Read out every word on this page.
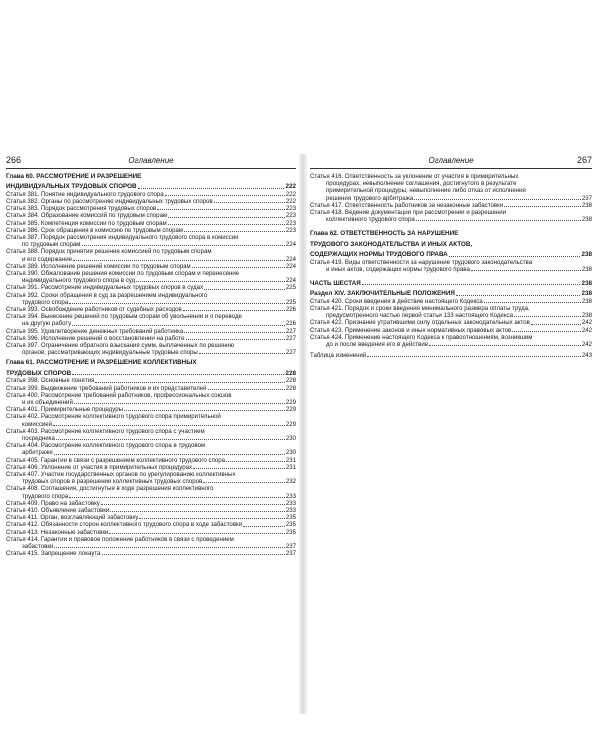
266	Оглавление
Глава 60. РАССМОТРЕНИЕ И РАЗРЕШЕНИЕ
ИНДИВИДУАЛЬНЫХ ТРУДОВЫХ СПОРОВ	222
Статья 381. Понятие индивидуального трудового спора	222
Статья 382. Органы по рассмотрению индивидуальных трудовых споров	222
Статья 383. Порядок рассмотрения трудовых споров	223
Статья 384. Образование комиссий по трудовым спорам	223
Статья 385. Компетенция комиссии по трудовым спорам	223
Статья 386. Срок обращения в комиссию по трудовым спорам	223
Статья 387. Порядок рассмотрения индивидуального трудового спора в комиссии
по трудовым спорам	224
Статья 388. Порядок принятия решения комиссией по трудовым спорам
и его содержание	224
Статья 389. Исполнение решений комиссии по трудовым спорам	224
Статья 390. Обжалование решения комиссии по трудовым спорам и перенесение
индивидуального трудового спора в суд	224
Статья 391. Рассмотрение индивидуальных трудовых споров в судах	225
Статья 392. Сроки обращения в суд за разрешением индивидуального
трудового спора	225
Статья 393. Освобождение работников от судебных расходов	226
Статья 394. Вынесение решений по трудовым спорам об увольнении и о переводе
на другую работу	226
Статья 395. Удовлетворение денежных требований работника	227
Статья 396. Исполнение решений о восстановлении на работе	227
Статья 397. Ограничение обратного взыскания сумм, выплаченных по решению
органов, рассматривающих индивидуальные трудовые споры	227
Глава 61. РАССМОТРЕНИЕ И РАЗРЕШЕНИЕ КОЛЛЕКТИВНЫХ
ТРУДОВЫХ СПОРОВ	228
Статья 398. Основные понятия	228
Статья 399. Выдвижение требований работников и их представителей	228
Статья 400. Рассмотрение требований работников, профессиональных союзов
и их объединений	229
Статья 401. Примирительные процедуры	229
Статья 402. Рассмотрение коллективного трудового спора примирительной
комиссией	229
Статья 403. Рассмотрение коллективного трудового спора с участием
посредника	230
Статья 404. Рассмотрение коллективного трудового спора в трудовом
арбитраже	230
Статья 405. Гарантии в связи с разрешением коллективного трудового спора	231
Статья 406. Уклонение от участия в примирительных процедурах	231
Статья 407. Участие государственных органов по урегулированию коллективных
трудовых споров в разрешении коллективных трудовых споров	232
Статья 408. Соглашения, достигнутые в ходе разрешения коллективного
трудового спора	233
Статья 409. Право на забастовку	233
Статья 410. Объявление забастовки	233
Статья 411. Орган, возглавляющий забастовку	235
Статья 412. Обязанности сторон коллективного трудового спора в ходе забастовки	235
Статья 413. Незаконные забастовки	235
Статья 414. Гарантии и правовое положение работников в связи с проведением
забастовки	237
Статья 415. Запрещение локаута	237
Оглавление	267
Статья 416. Ответственность за уклонение от участия в примирительных
процедурах, невыполнение соглашения, достигнутого в результате
примирительной процедуры, невыполнение либо отказ от исполнения
решения трудового арбитража	237
Статья 417. Ответственность работников за незаконные забастовки	238
Статья 418. Ведение документации при рассмотрении и разрешении
коллективного трудового спора	238
Глава 62. ОТВЕТСТВЕННОСТЬ ЗА НАРУШЕНИЕ
ТРУДОВОГО ЗАКОНОДАТЕЛЬСТВА И ИНЫХ АКТОВ,
СОДЕРЖАЩИХ НОРМЫ ТРУДОВОГО ПРАВА	238
Статья 419. Виды ответственности за нарушение трудового законодательства
и иных актов, содержащих нормы трудового права	238
ЧАСТЬ ШЕСТАЯ	238
Раздел XIV. ЗАКЛЮЧИТЕЛЬНЫЕ ПОЛОЖЕНИЯ	238
Статья 420. Сроки введения в действие настоящего Кодекса	238
Статья 421. Порядок и сроки введения минимального размера оплаты труда,
предусмотренного частью первой статьи 133 настоящего Кодекса	238
Статья 422. Признание утратившими силу отдельных законодательных актов	242
Статья 423. Применение законов и иных нормативных правовых актов	242
Статья 424. Применение настоящего Кодекса к правоотношениям, возникшим
до и после введения его в действие	242
Таблица изменений	243
